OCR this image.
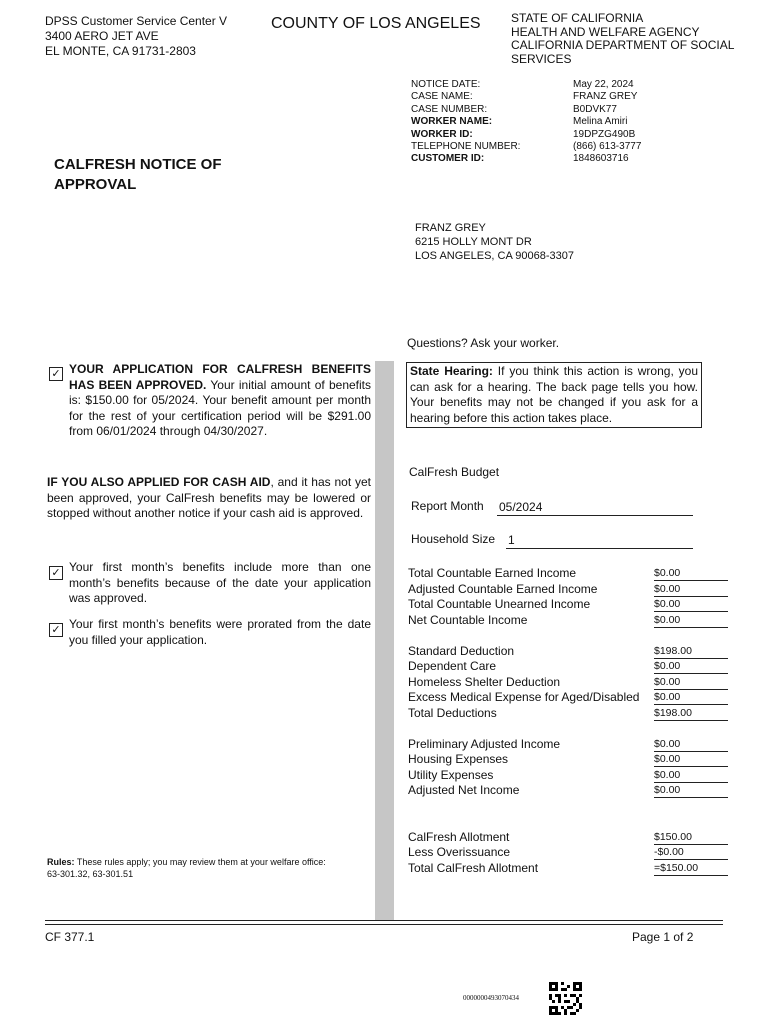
DPSS Customer Service Center V
3400 AERO JET AVE
EL MONTE, CA 91731-2803
COUNTY OF LOS ANGELES	STATE OF CALIFORNIA
HEALTH AND WELFARE AGENCY
CALIFORNIA DEPARTMENT OF SOCIAL SERVICES
NOTICE DATE:	May 22, 2024
CASE NAME:	FRANZ GREY
CASE NUMBER:	B0DVK77
WORKER NAME:	Melina Amiri
WORKER ID:	19DPZG490B
TELEPHONE NUMBER:	(866) 613-3777
CUSTOMER ID:	1848603716
CALFRESH NOTICE OF
APPROVAL
FRANZ GREY
6215 HOLLY MONT DR
LOS ANGELES, CA 90068-3307
Questions? Ask your worker.
✓ YOUR APPLICATION FOR CALFRESH BENEFITS HAS BEEN APPROVED. Your initial amount of benefits is: $150.00 for 05/2024. Your benefit amount per month for the rest of your certification period will be $291.00 from 06/01/2024 through 04/30/2027.
IF YOU ALSO APPLIED FOR CASH AID, and it has not yet been approved, your CalFresh benefits may be lowered or stopped without another notice if your cash aid is approved.
✓ Your first month’s benefits include more than one month’s benefits because of the date your application was approved.
✓ Your first month’s benefits were prorated from the date you filled your application.
State Hearing: If you think this action is wrong, you can ask for a hearing. The back page tells you how. Your benefits may not be changed if you ask for a hearing before this action takes place.
CalFresh Budget
Report Month 05/2024
Household Size 1
Total Countable Earned Income	$0.00
Adjusted Countable Earned Income	$0.00
Total Countable Unearned Income	$0.00
Net Countable Income	$0.00
Standard Deduction	$198.00
Dependent Care	$0.00
Homeless Shelter Deduction	$0.00
Excess Medical Expense for Aged/Disabled $0.00
Total Deductions	$198.00
Preliminary Adjusted Income	$0.00
Housing Expenses	$0.00
Utility Expenses	$0.00
Adjusted Net Income	$0.00
CalFresh Allotment	$150.00
Less Overissuance	-$0.00
Total CalFresh Allotment	=$150.00
Rules: These rules apply; you may review them at your welfare office:
63-301.32, 63-301.51
CF 377.1	Page 1 of 2
0000000493070434
